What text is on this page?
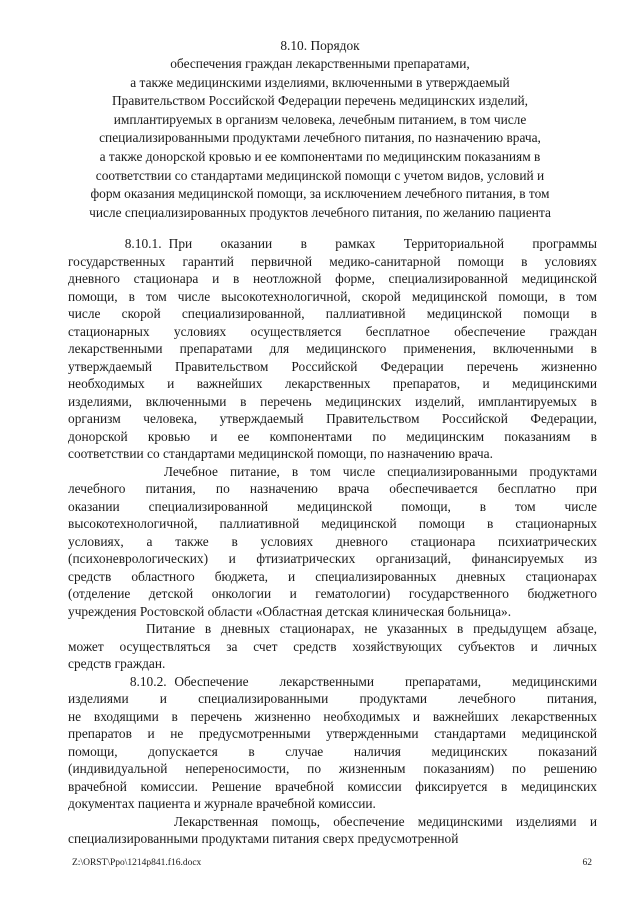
8.10. Порядок
обеспечения граждан лекарственными препаратами,
а также медицинскими изделиями, включенными в утверждаемый
Правительством Российской Федерации перечень медицинских изделий,
имплантируемых в организм человека, лечебным питанием, в том числе
специализированными продуктами лечебного питания, по назначению врача,
а также донорской кровью и ее компонентами по медицинским показаниям в
соответствии со стандартами медицинской помощи с учетом видов, условий и
форм оказания медицинской помощи, за исключением лечебного питания, в том
числе специализированных продуктов лечебного питания, по желанию пациента
8.10.1. При    оказании    в    рамках    Территориальной    программы
государственных гарантий первичной медико-санитарной помощи в условиях
дневного стационара и в неотложной форме, специализированной медицинской
помощи, в том числе высокотехнологичной, скорой медицинской помощи, в том
числе скорой специализированной, паллиативной медицинской помощи в
стационарных условиях осуществляется бесплатное обеспечение граждан
лекарственными препаратами для медицинского применения, включенными в
утверждаемый Правительством Российской Федерации перечень жизненно
необходимых и важнейших лекарственных препаратов, и медицинскими
изделиями, включенными в перечень медицинских изделий, имплантируемых в
организм человека, утверждаемый Правительством Российской Федерации,
донорской кровью и ее компонентами по медицинским показаниям в
соответствии со стандартами медицинской помощи, по назначению врача.
Лечебное питание, в том числе специализированными продуктами
лечебного питания, по назначению врача обеспечивается бесплатно при
оказании специализированной медицинской помощи, в том числе
высокотехнологичной, паллиативной медицинской помощи в стационарных
условиях, а также в условиях дневного стационара психиатрических
(психоневрологических) и фтизиатрических организаций, финансируемых из
средств областного бюджета, и специализированных дневных стационарах
(отделение детской онкологии и гематологии) государственного бюджетного
учреждения Ростовской области «Областная детская клиническая больница».
Питание в дневных стационарах, не указанных в предыдущем абзаце,
может осуществляться за счет средств хозяйствующих субъектов и личных
средств граждан.
8.10.2. Обеспечение    лекарственными    препаратами,    медицинскими
изделиями и специализированными продуктами лечебного питания,
не входящими в перечень жизненно необходимых и важнейших лекарственных
препаратов и не предусмотренными утвержденными стандартами медицинской
помощи, допускается в случае наличия медицинских показаний
(индивидуальной непереносимости, по жизненным показаниям) по решению
врачебной комиссии. Решение врачебной комиссии фиксируется в медицинских
документах пациента и журнале врачебной комиссии.
Лекарственная помощь, обеспечение медицинскими изделиями и
специализированными продуктами питания сверх предусмотренной
Z:\ORST\Ppo\1214p841.f16.docx	62
